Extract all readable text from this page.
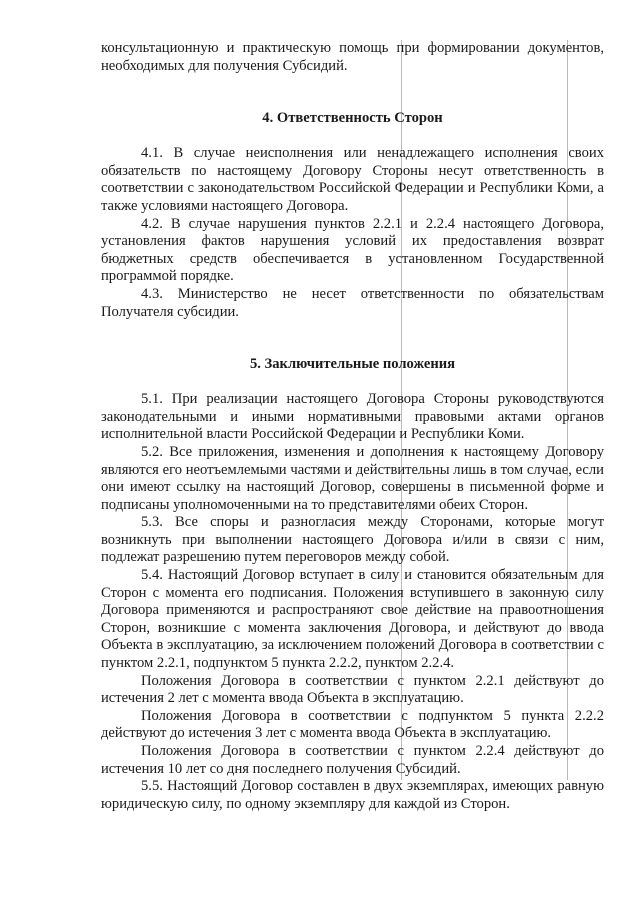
консультационную и практическую помощь при формировании документов, необходимых для получения Субсидий.

4. Ответственность Сторон

4.1. В случае неисполнения или ненадлежащего исполнения своих обязательств по настоящему Договору Стороны несут ответственность в соответствии с законодательством Российской Федерации и Республики Коми, а также условиями настоящего Договора.

4.2. В случае нарушения пунктов 2.2.1 и 2.2.4 настоящего Договора, установления фактов нарушения условий их предоставления возврат бюджетных средств обеспечивается в установленном Государственной программой порядке.

4.3. Министерство не несет ответственности по обязательствам Получателя субсидии.

5. Заключительные положения

5.1. При реализации настоящего Договора Стороны руководствуются законодательными и иными нормативными правовыми актами органов исполнительной власти Российской Федерации и Республики Коми.

5.2. Все приложения, изменения и дополнения к настоящему Договору являются его неотъемлемыми частями и действительны лишь в том случае, если они имеют ссылку на настоящий Договор, совершены в письменной форме и подписаны уполномоченными на то представителями обеих Сторон.

5.3. Все споры и разногласия между Сторонами, которые могут возникнуть при выполнении настоящего Договора и/или в связи с ним, подлежат разрешению путем переговоров между собой.

5.4. Настоящий Договор вступает в силу и становится обязательным для Сторон с момента его подписания. Положения вступившего в законную силу Договора применяются и распространяют свое действие на правоотношения Сторон, возникшие с момента заключения Договора, и действуют до ввода Объекта в эксплуатацию, за исключением положений Договора в соответствии с пунктом 2.2.1, подпунктом 5 пункта 2.2.2, пунктом 2.2.4.

Положения Договора в соответствии с пунктом 2.2.1 действуют до истечения 2 лет с момента ввода Объекта в эксплуатацию.

Положения Договора в соответствии с подпунктом 5 пункта 2.2.2 действуют до истечения 3 лет с момента ввода Объекта в эксплуатацию.

Положения Договора в соответствии с пунктом 2.2.4 действуют до истечения 10 лет со дня последнего получения Субсидий.

5.5. Настоящий Договор составлен в двух экземплярах, имеющих равную юридическую силу, по одному экземпляру для каждой из Сторон.
